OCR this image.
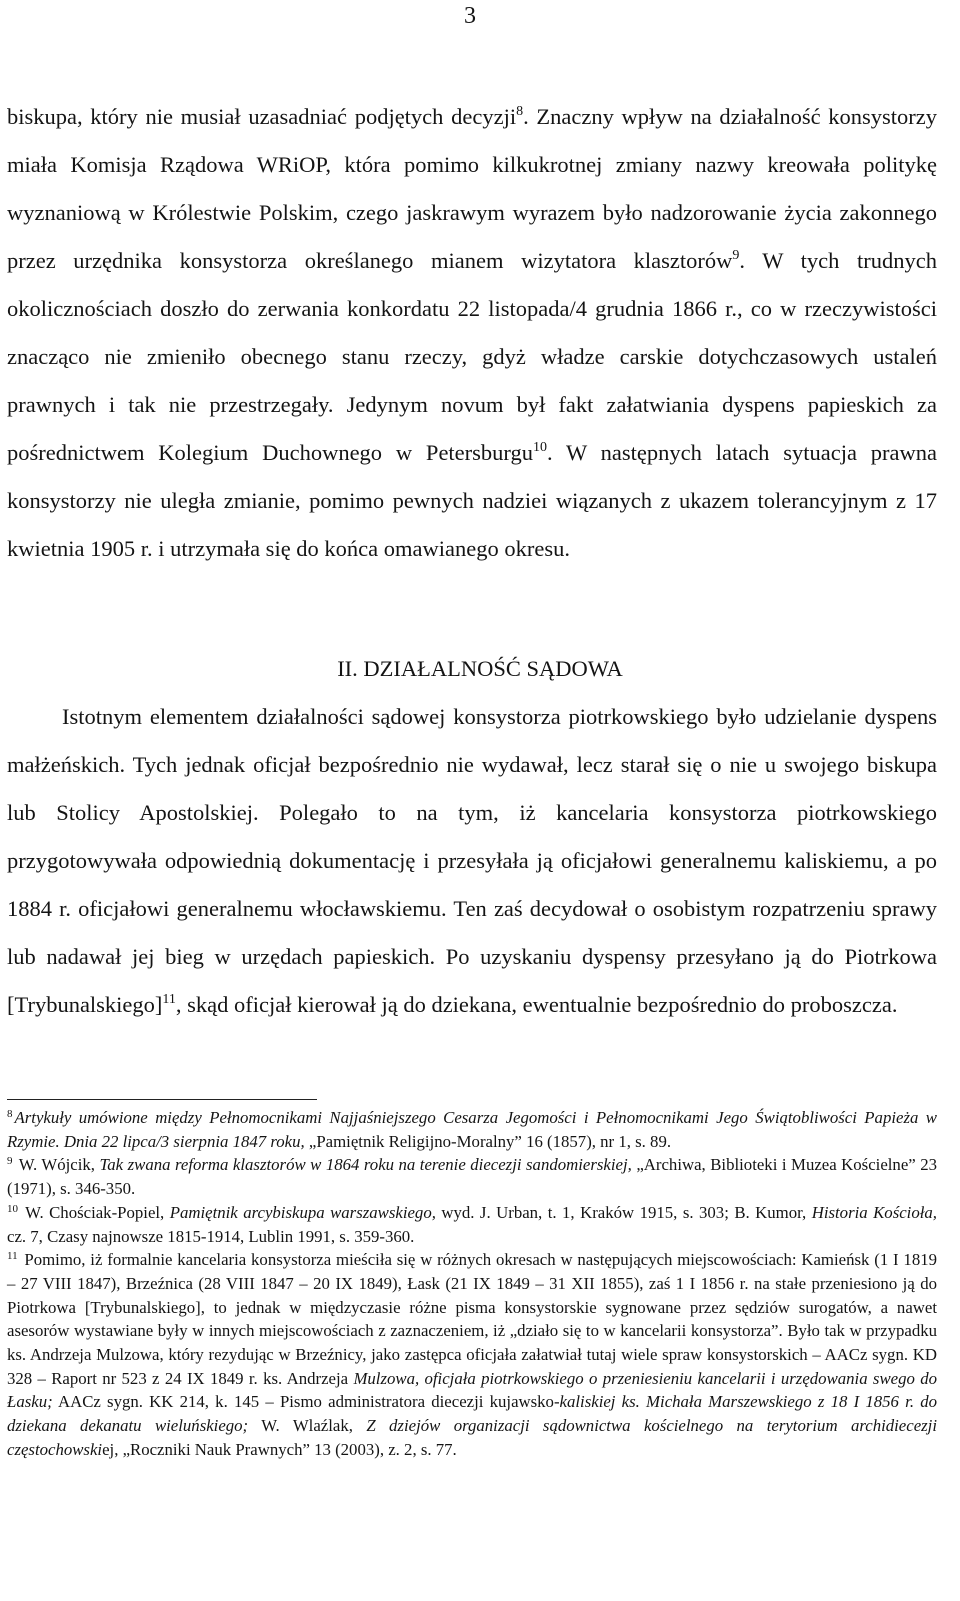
3

biskupa, który nie musiał uzasadniać podjętych decyzji$^8$. Znaczny wpływ na działalność konsystorzy miała Komisja Rządowa WRiOP, która pomimo kilkukrotnej zmiany nazwy kreowała politykę wyznaniową w Królestwie Polskim, czego jaskrawym wyrazem było nadzorowanie życia zakonnego przez urzędnika konsystorza określanego mianem wizytatora klasztorów$^9$. W tych trudnych okolicznościach doszło do zerwania konkordatu 22 listopada/4 grudnia 1866 r., co w rzeczywistości znacząco nie zmieniło obecnego stanu rzeczy, gdyż władze carskie dotychczasowych ustaleń prawnych i tak nie przestrzegały. Jedynym novum był fakt załatwiania dyspens papieskich za pośrednictwem Kolegium Duchownego w Petersburgu$^{10}$. W następnych latach sytuacja prawna konsystorzy nie uległa zmianie, pomimo pewnych nadziei wiązanych z ukazem tolerancyjnym z 17 kwietnia 1905 r. i utrzymała się do końca omawianego okresu.

II. DZIAŁALNOŚĆ SĄDOWA

Istotnym elementem działalności sądowej konsystorza piotrkowskiego było udzielanie dyspens małżeńskich. Tych jednak oficjał bezpośrednio nie wydawał, lecz starał się o nie u swojego biskupa lub Stolicy Apostolskiej. Polegało to na tym, iż kancelaria konsystorza piotrkowskiego przygotowywała odpowiednią dokumentację i przesyłała ją oficjałowi generalnemu kaliskiemu, a po 1884 r. oficjałowi generalnemu włocławskiemu. Ten zaś decydował o osobistym rozpatrzeniu sprawy lub nadawał jej bieg w urzędach papieskich. Po uzyskaniu dyspensy przesyłano ją do Piotrkowa [Trybunalskiego]$^{11}$, skąd oficjał kierował ją do dziekana, ewentualnie bezpośrednio do proboszcza.

$^8$ Artykuły umówione między Pełnomocnikami Najjaśniejszego Cesarza Jegomości i Pełnomocnikami Jego Świątobliwości Papieża w Rzymie. Dnia 22 lipca/3 sierpnia 1847 roku, „Pamiętnik Religijno-Moralny” 16 (1857), nr 1, s. 89.

$^9$ W. Wójcik, Tak zwana reforma klasztorów w 1864 roku na terenie diecezji sandomierskiej, „Archiwa, Biblioteki i Muzea Kościelne” 23 (1971), s. 346-350.

$^{10}$ W. Chościak-Popiel, Pamiętnik arcybiskupa warszawskiego, wyd. J. Urban, t. 1, Kraków 1915, s. 303; B. Kumor, Historia Kościoła, cz. 7, Czasy najnowsze 1815-1914, Lublin 1991, s. 359-360.

$^{11}$ Pomimo, iż formalnie kancelaria konsystorza mieściła się w różnych okresach w następujących miejscowościach: Kamieńsk (1 I 1819 – 27 VIII 1847), Brzeźnica (28 VIII 1847 – 20 IX 1849), Łask (21 IX 1849 – 31 XII 1855), zaś 1 I 1856 r. na stałe przeniesiono ją do Piotrkowa [Trybunalskiego], to jednak w międzyczasie różne pisma konsystorskie sygnowane przez sędziów surogatów, a nawet asesorów wystawiane były w innych miejscowościach z zaznaczeniem, iż „działo się to w kancelarii konsystorza”. Było tak w przypadku ks. Andrzeja Mulzowa, który rezydując w Brzeźnicy, jako zastępca oficjała załatwiał tutaj wiele spraw konsystorskich – AACz sygn. KD 328 – Raport nr 523 z 24 IX 1849 r. ks. Andrzeja Mulzowa, oficjała piotrkowskiego o przeniesieniu kancelarii i urzędowania swego do Łasku; AACz sygn. KK 214, k. 145 – Pismo administratora diecezji kujawsko-kaliskiej ks. Michała Marszewskiego z 18 I 1856 r. do dziekana dekanatu wieluńskiego; W. Wlaźlak, Z dziejów organizacji sądownictwa kościelnego na terytorium archidiecezji częstochowskiej, „Roczniki Nauk Prawnych” 13 (2003), z. 2, s. 77.
